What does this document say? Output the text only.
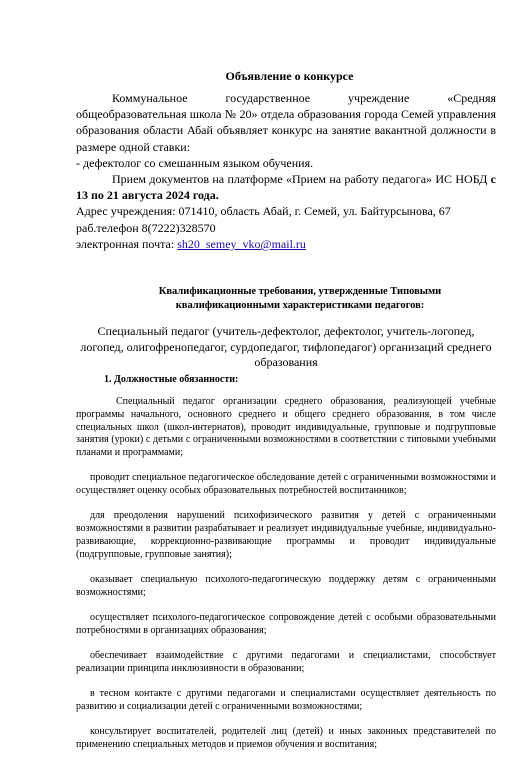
Объявление о конкурсе

Коммунальное государственное учреждение «Средняя общеобразовательная школа № 20» отдела образования города Семей управления образования области Абай объявляет конкурс на занятие вакантной должности в размере одной ставки:

- дефектолог со смешанным языком обучения.

Прием документов на платформе «Прием на работу педагога» ИС НОБД с 13 по 21 августа 2024 года.

Адрес учреждения: 071410, область Абай, г. Семей, ул. Байтурсынова, 67

раб.телефон 8(7222)328570

электронная почта: sh20_semey_vko@mail.ru

Квалификационные требования, утвержденные Типовыми квалификационными характеристиками педагогов:
Специальный педагог (учитель-дефектолог, дефектолог, учитель-логопед, логопед, олигофренопедагог, сурдопедагог, тифлопедагог) организаций среднего образования
1. Должностные обязанности:

Специальный педагог организации среднего образования, реализующей учебные программы начального, основного среднего и общего среднего образования, в том числе специальных школ (школ-интернатов), проводит индивидуальные, групповые и подгрупповые занятия (уроки) с детьми с ограниченными возможностями в соответствии с типовыми учебными планами и программами;

проводит специальное педагогическое обследование детей с ограниченными возможностями и осуществляет оценку особых образовательных потребностей воспитанников;

для преодоления нарушений психофизического развития у детей с ограниченными возможностями в развитии разрабатывает и реализует индивидуальные учебные, индивидуально-развивающие, коррекционно-развивающие программы и проводит индивидуальные (подгрупповые, групповые занятия);

оказывает специальную психолого-педагогическую поддержку детям с ограниченными возможностями;

осуществляет психолого-педагогическое сопровождение детей с особыми образовательными потребностями в организациях образования;

обеспечивает взаимодействие с другими педагогами и специалистами, способствует реализации принципа инклюзивности в образовании;

в тесном контакте с другими педагогами и специалистами осуществляет деятельность по развитию и социализации детей с ограниченными возможностями;

консультирует воспитателей, родителей лиц (детей) и иных законных представителей по применению специальных методов и приемов обучения и воспитания;
